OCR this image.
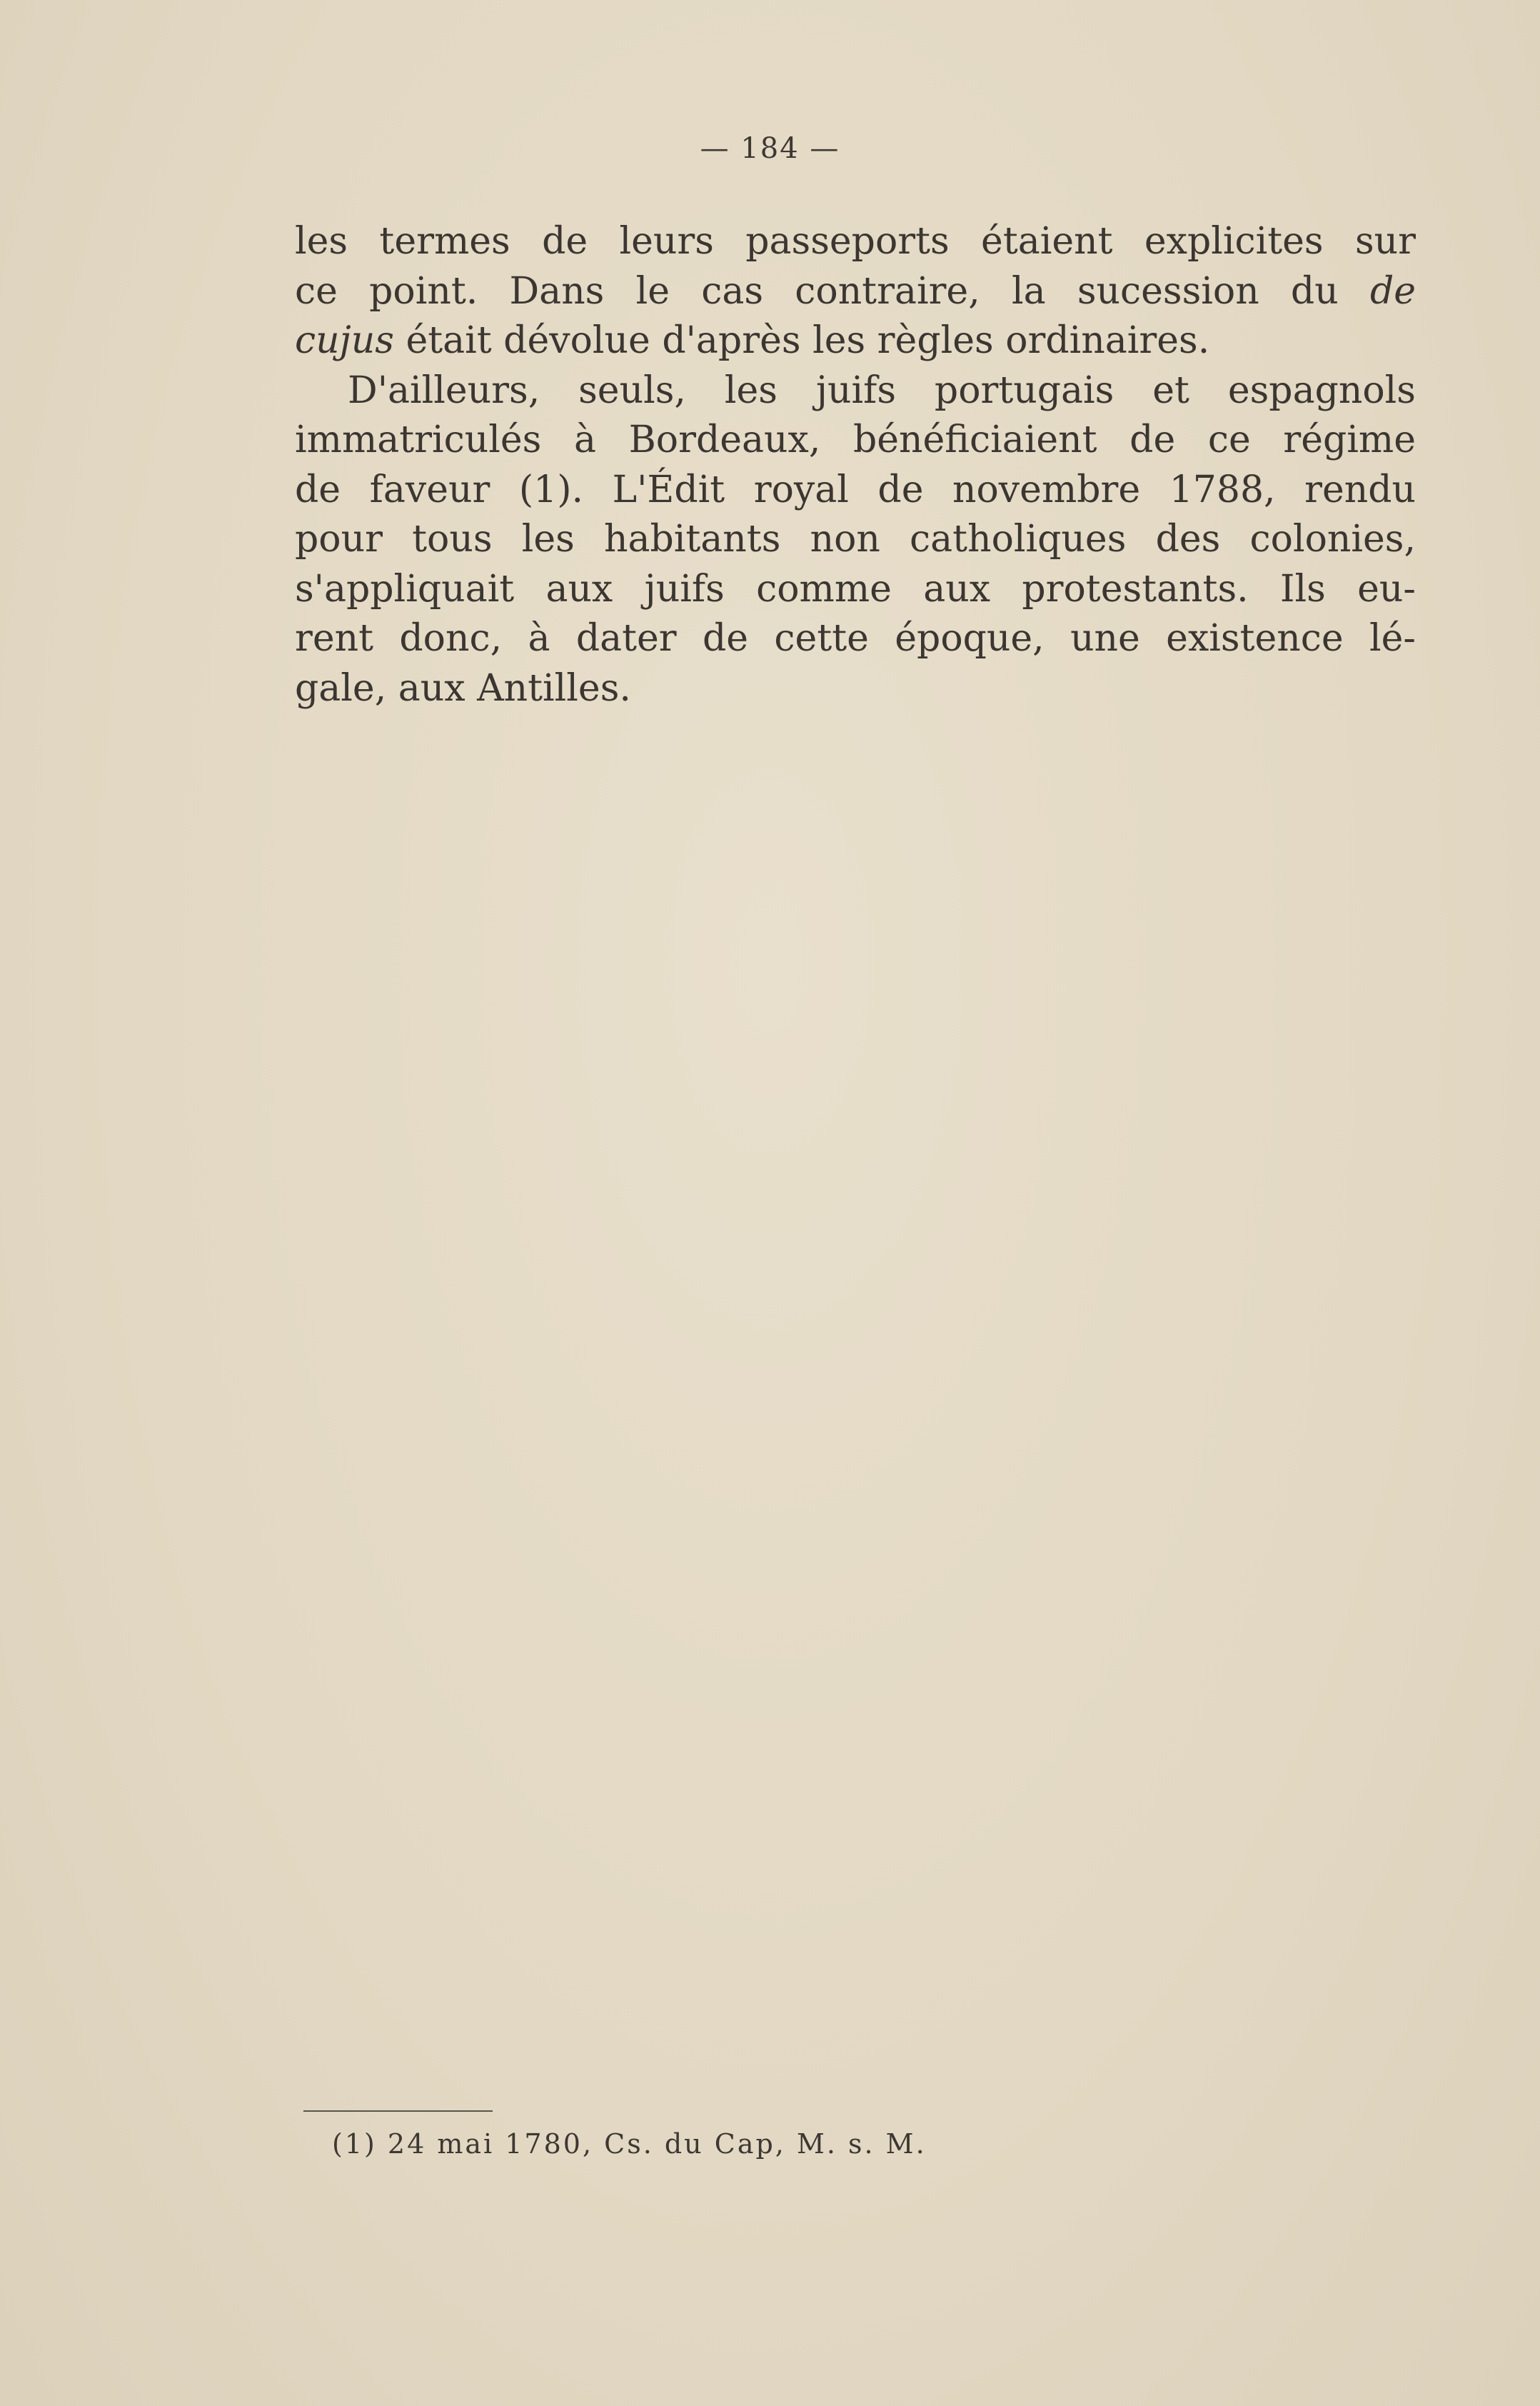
— 184 —
les termes de leurs passeports étaient explicites sur
ce point. Dans le cas contraire, la sucession du de
cujus était dévolue d'après les règles ordinaires.
D'ailleurs, seuls, les juifs portugais et espagnols
immatriculés à Bordeaux, bénéficiaient de ce régime
de faveur (1). L'Édit royal de novembre 1788, rendu
pour tous les habitants non catholiques des colonies,
s'appliquait aux juifs comme aux protestants. Ils eu-
rent donc, à dater de cette époque, une existence lé-
gale, aux Antilles.
(1) 24 mai 1780, Cs. du Cap, M. s. M.
